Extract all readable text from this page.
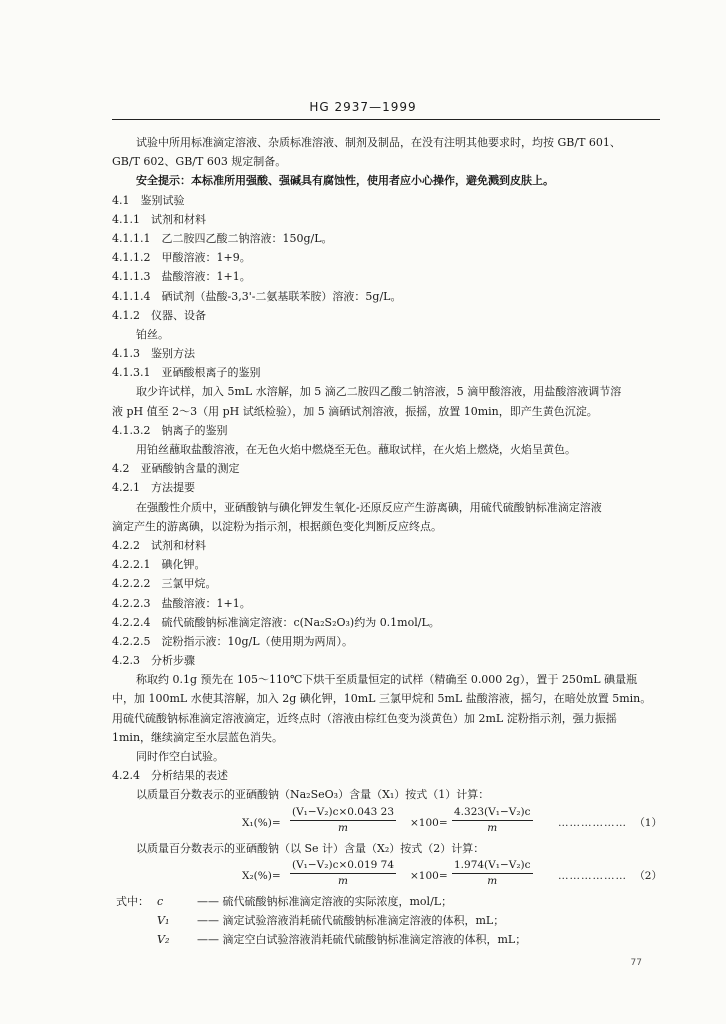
HG 2937—1999
试验中所用标准滴定溶液、杂质标准溶液、制剂及制品，在没有注明其他要求时，均按 GB/T 601、
GB/T 602、GB/T 603 规定制备。
安全提示：本标准所用强酸、强碱具有腐蚀性，使用者应小心操作，避免溅到皮肤上。
4.1　鉴别试验
4.1.1　试剂和材料
4.1.1.1　乙二胺四乙酸二钠溶液：150g/L。
4.1.1.2　甲酸溶液：1+9。
4.1.1.3　盐酸溶液：1+1。
4.1.1.4　硒试剂（盐酸-3,3'-二氨基联苯胺）溶液：5g/L。
4.1.2　仪器、设备
铂丝。
4.1.3　鉴别方法
4.1.3.1　亚硒酸根离子的鉴别
取少许试样，加入 5mL 水溶解，加 5 滴乙二胺四乙酸二钠溶液，5 滴甲酸溶液，用盐酸溶液调节溶
液 pH 值至 2～3（用 pH 试纸检验），加 5 滴硒试剂溶液，振摇，放置 10min，即产生黄色沉淀。
4.1.3.2　钠离子的鉴别
用铂丝蘸取盐酸溶液，在无色火焰中燃烧至无色。蘸取试样，在火焰上燃烧，火焰呈黄色。
4.2　亚硒酸钠含量的测定
4.2.1　方法提要
在强酸性介质中，亚硒酸钠与碘化钾发生氧化-还原反应产生游离碘，用硫代硫酸钠标准滴定溶液
滴定产生的游离碘，以淀粉为指示剂，根据颜色变化判断反应终点。
4.2.2　试剂和材料
4.2.2.1　碘化钾。
4.2.2.2　三氯甲烷。
4.2.2.3　盐酸溶液：1+1。
4.2.2.4　硫代硫酸钠标准滴定溶液：c(Na₂S₂O₃)约为 0.1mol/L。
4.2.2.5　淀粉指示液：10g/L（使用期为两周）。
4.2.3　分析步骤
称取约 0.1g 预先在 105～110℃下烘干至质量恒定的试样（精确至 0.000 2g），置于 250mL 碘量瓶
中，加 100mL 水使其溶解，加入 2g 碘化钾，10mL 三氯甲烷和 5mL 盐酸溶液，摇匀，在暗处放置 5min。
用硫代硫酸钠标准滴定溶液滴定，近终点时（溶液由棕红色变为淡黄色）加 2mL 淀粉指示剂，强力振摇
1min，继续滴定至水层蓝色消失。
同时作空白试验。
4.2.4　分析结果的表述
以质量百分数表示的亚硒酸钠（Na₂SeO₃）含量（X₁）按式（1）计算：
$X_1(\%)= \frac{\text{(V₁−V₂)c×0.043 23}}{m} \times 100= \frac{\text{4.323(V₁−V₂)c}}{m}$ ……………… （1）
以质量百分数表示的亚硒酸钠（以 Se 计）含量（X₂）按式（2）计算：
$X_2(\%)= \frac{\text{(V₁−V₂)c×0.019 74}}{m} \times 100= \frac{\text{1.974(V₁−V₂)c}}{m}$ ……………… （2）
式中： c	—— 硫代硫酸钠标准滴定溶液的实际浓度，mol/L；
V₁	—— 滴定试验溶液消耗硫代硫酸钠标准滴定溶液的体积，mL；
V₂	—— 滴定空白试验溶液消耗硫代硫酸钠标准滴定溶液的体积，mL；
77
